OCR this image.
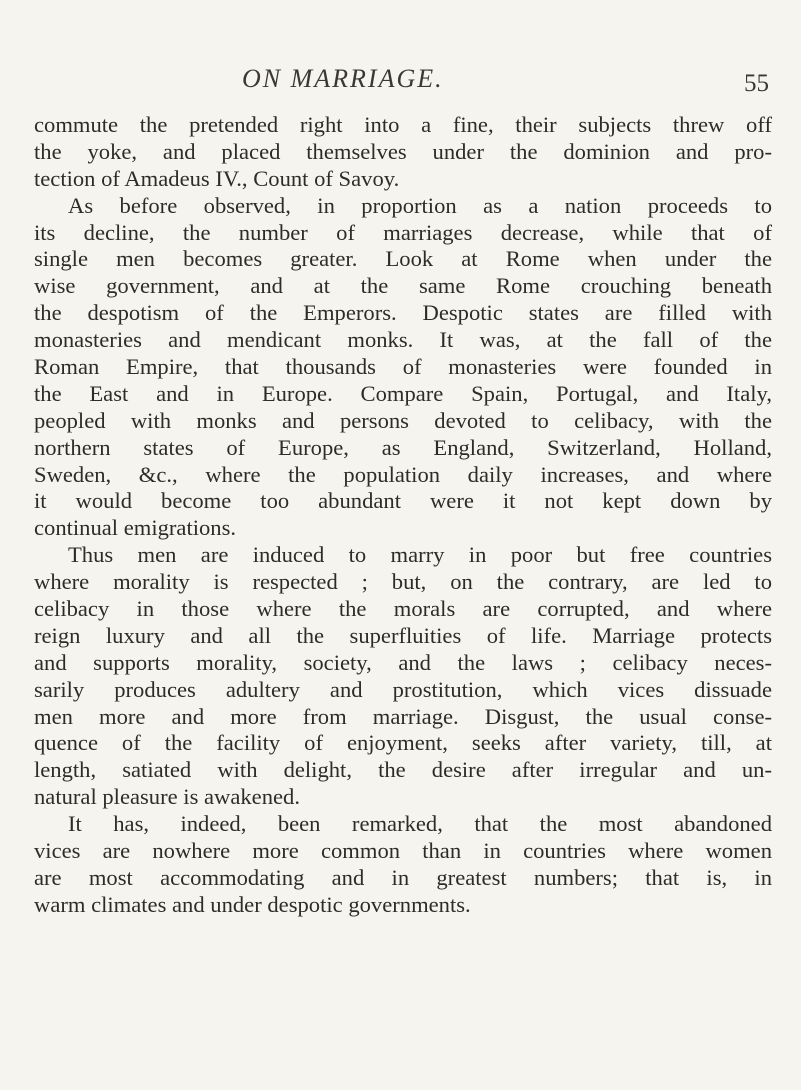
ON MARRIAGE.	55
commute the pretended right into a fine, their subjects threw off
the yoke, and placed themselves under the dominion and pro-
tection of Amadeus IV., Count of Savoy.
As before observed, in proportion as a nation proceeds to
its decline, the number of marriages decrease, while that of
single men becomes greater. Look at Rome when under the
wise government, and at the same Rome crouching beneath
the despotism of the Emperors. Despotic states are filled with
monasteries and mendicant monks. It was, at the fall of the
Roman Empire, that thousands of monasteries were founded in
the East and in Europe. Compare Spain, Portugal, and Italy,
peopled with monks and persons devoted to celibacy, with the
northern states of Europe, as England, Switzerland, Holland,
Sweden, &c., where the population daily increases, and where
it would become too abundant were it not kept down by
continual emigrations.
Thus men are induced to marry in poor but free countries
where morality is respected ; but, on the contrary, are led to
celibacy in those where the morals are corrupted, and where
reign luxury and all the superfluities of life. Marriage protects
and supports morality, society, and the laws ; celibacy neces-
sarily produces adultery and prostitution, which vices dissuade
men more and more from marriage. Disgust, the usual conse-
quence of the facility of enjoyment, seeks after variety, till, at
length, satiated with delight, the desire after irregular and un-
natural pleasure is awakened.
It has, indeed, been remarked, that the most abandoned
vices are nowhere more common than in countries where women
are most accommodating and in greatest numbers; that is, in
warm climates and under despotic governments.
